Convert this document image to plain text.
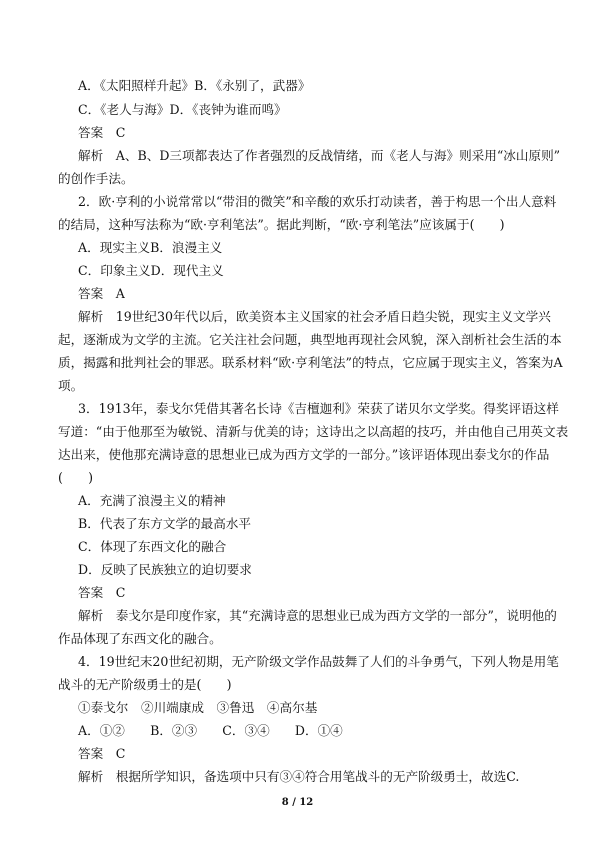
A．《太阳照样升起》B．《永别了，武器》
C．《老人与海》D．《丧钟为谁而鸣》
答案　C
解析　A、B、D三项都表达了作者强烈的反战情绪，而《老人与海》则采用“冰山原则”
的创作手法。
2．欧·亨利的小说常常以“带泪的微笑”和辛酸的欢乐打动读者，善于构思一个出人意料
的结局，这种写法称为“欧·亨利笔法”。据此判断，“欧·亨利笔法”应该属于(　　)
A．现实主义B．浪漫主义
C．印象主义D．现代主义
答案　A
解析　19世纪30年代以后，欧美资本主义国家的社会矛盾日趋尖锐，现实主义文学兴
起，逐渐成为文学的主流。它关注社会问题，典型地再现社会风貌，深入剖析社会生活的本
质，揭露和批判社会的罪恶。联系材料“欧·亨利笔法”的特点，它应属于现实主义，答案为A
项。
3．1913年，泰戈尔凭借其著名长诗《吉檀迦利》荣获了诺贝尔文学奖。得奖评语这样
写道：“由于他那至为敏锐、清新与优美的诗；这诗出之以高超的技巧，并由他自己用英文表
达出来，使他那充满诗意的思想业已成为西方文学的一部分。”该评语体现出泰戈尔的作品
(　　)
A．充满了浪漫主义的精神
B．代表了东方文学的最高水平
C．体现了东西文化的融合
D．反映了民族独立的迫切要求
答案　C
解析　泰戈尔是印度作家，其“充满诗意的思想业已成为西方文学的一部分”，说明他的
作品体现了东西文化的融合。
4．19世纪末20世纪初期，无产阶级文学作品鼓舞了人们的斗争勇气，下列人物是用笔
战斗的无产阶级勇士的是(　　)
①泰戈尔　②川端康成　③鲁迅　④高尔基
A．①②　　B．②③　　C．③④　　D．①④
答案　C
解析　根据所学知识，备选项中只有③④符合用笔战斗的无产阶级勇士，故选C.
8 / 12
